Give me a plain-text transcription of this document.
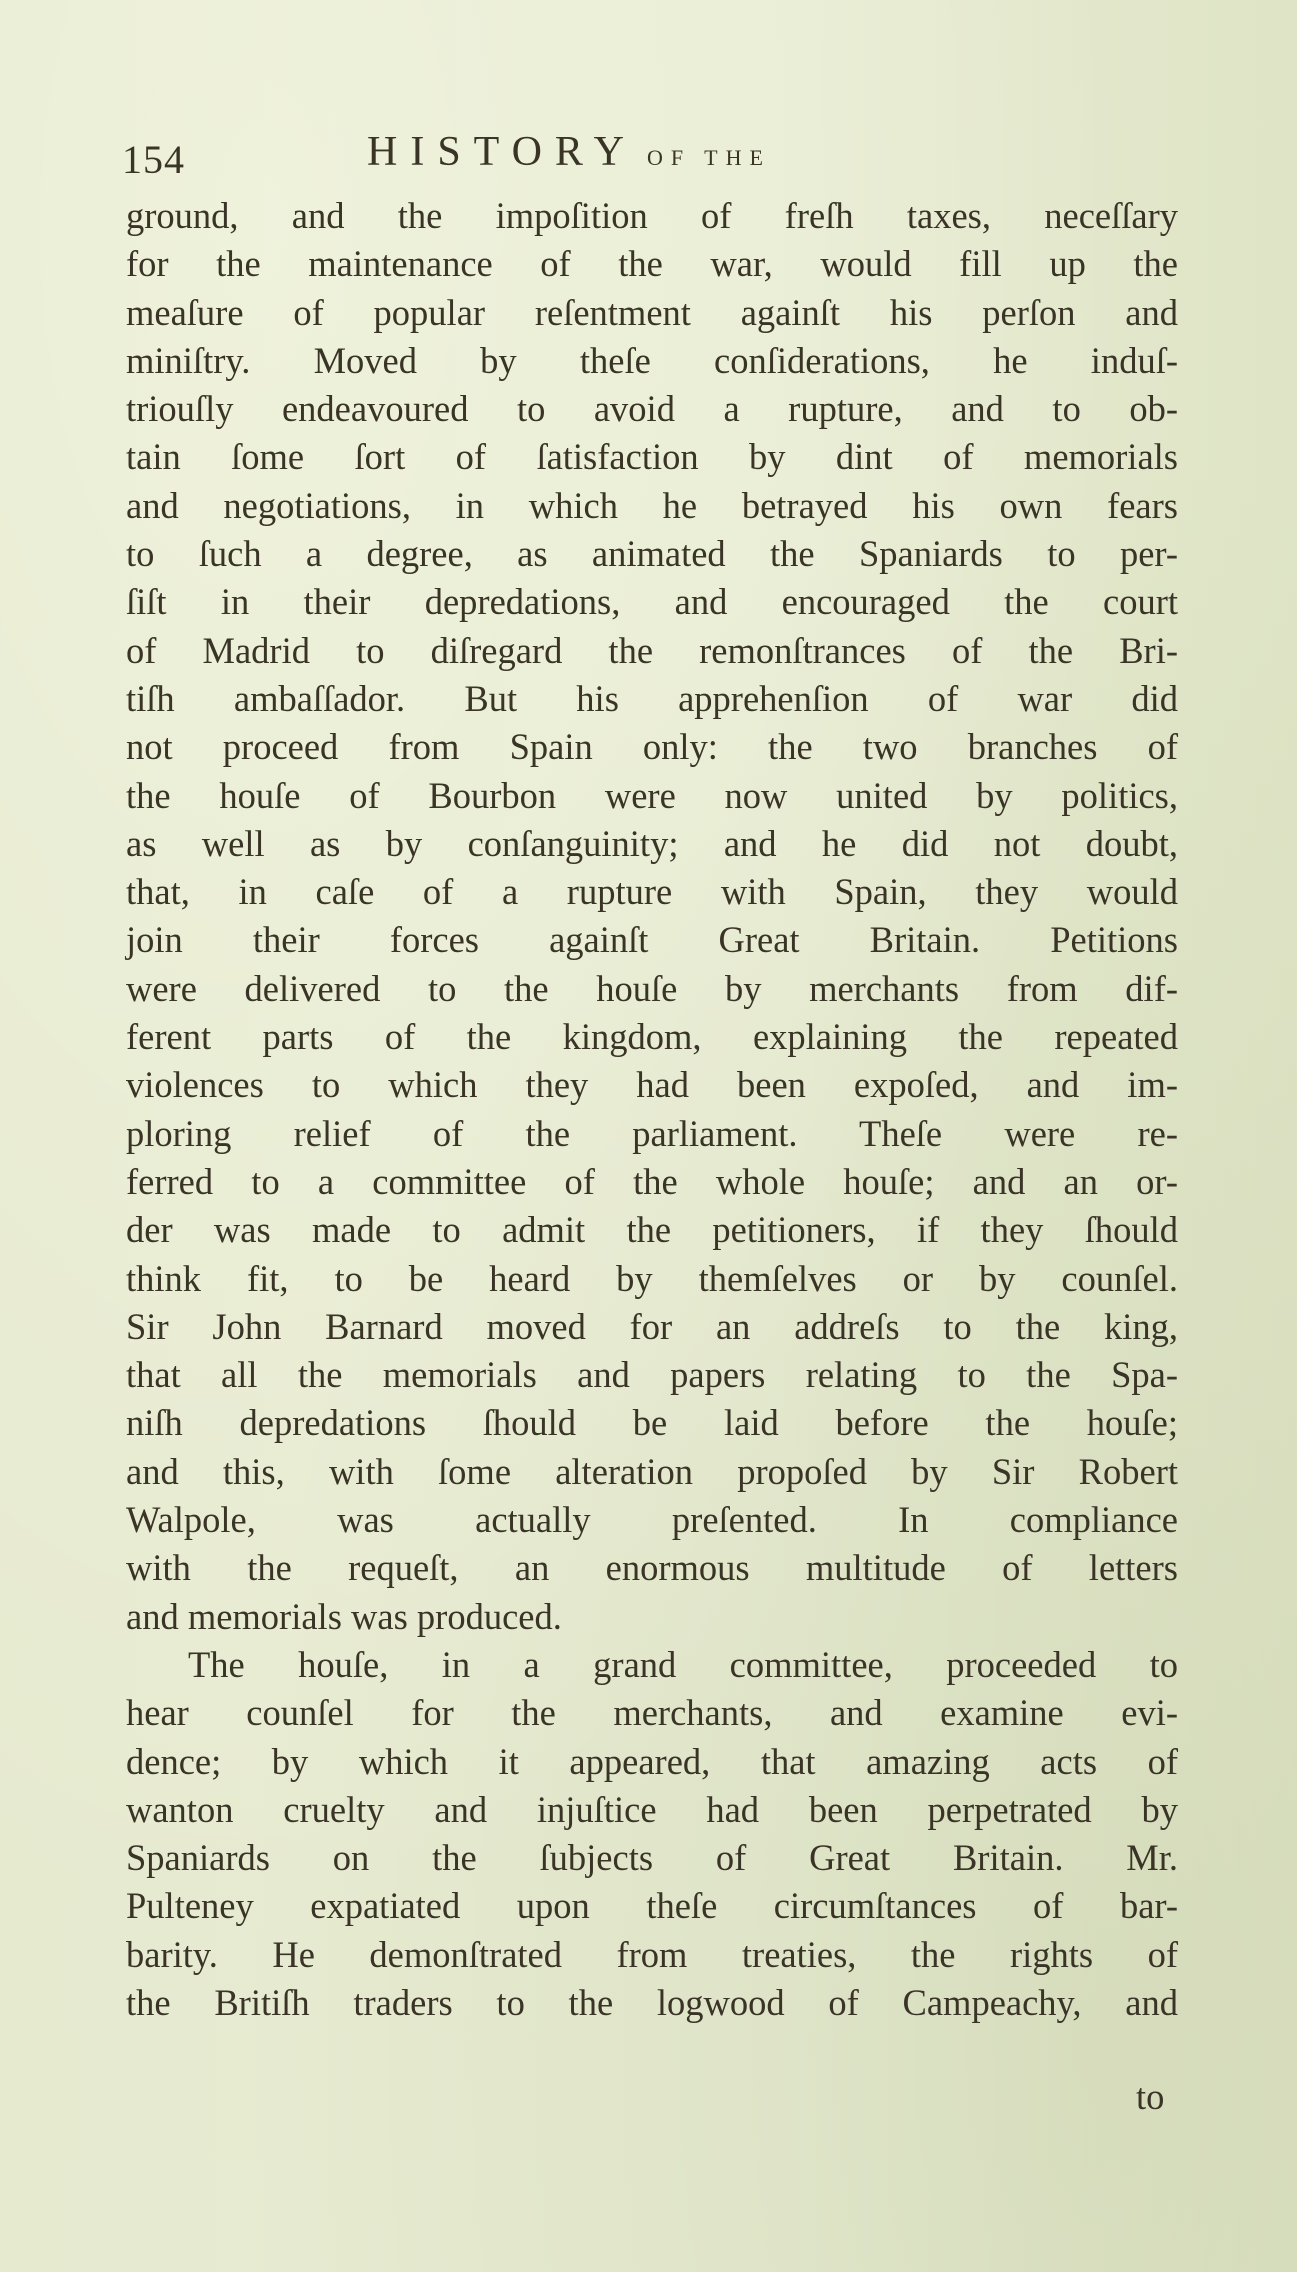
154	HISTORY OF THE
ground, and the impoſition of freſh taxes, neceſſary
for the maintenance of the war, would fill up the
meaſure of popular reſentment againſt his perſon and
miniſtry. Moved by theſe conſiderations, he induſ-
triouſly endeavoured to avoid a rupture, and to ob-
tain ſome ſort of ſatisfaction by dint of memorials
and negotiations, in which he betrayed his own fears
to ſuch a degree, as animated the Spaniards to per-
ſiſt in their depredations, and encouraged the court
of Madrid to diſregard the remonſtrances of the Bri-
tiſh ambaſſador. But his apprehenſion of war did
not proceed from Spain only: the two branches of
the houſe of Bourbon were now united by politics,
as well as by conſanguinity; and he did not doubt,
that, in caſe of a rupture with Spain, they would
join their forces againſt Great Britain. Petitions
were delivered to the houſe by merchants from dif-
ferent parts of the kingdom, explaining the repeated
violences to which they had been expoſed, and im-
ploring relief of the parliament. Theſe were re-
ferred to a committee of the whole houſe; and an or-
der was made to admit the petitioners, if they ſhould
think fit, to be heard by themſelves or by counſel.
Sir John Barnard moved for an addreſs to the king,
that all the memorials and papers relating to the Spa-
niſh depredations ſhould be laid before the houſe;
and this, with ſome alteration propoſed by Sir Robert
Walpole, was actually preſented. In compliance
with the requeſt, an enormous multitude of letters
and memorials was produced.
The houſe, in a grand committee, proceeded to
hear counſel for the merchants, and examine evi-
dence; by which it appeared, that amazing acts of
wanton cruelty and injuſtice had been perpetrated by
Spaniards on the ſubjects of Great Britain. Mr.
Pulteney expatiated upon theſe circumſtances of bar-
barity. He demonſtrated from treaties, the rights of
the Britiſh traders to the logwood of Campeachy, and
to
